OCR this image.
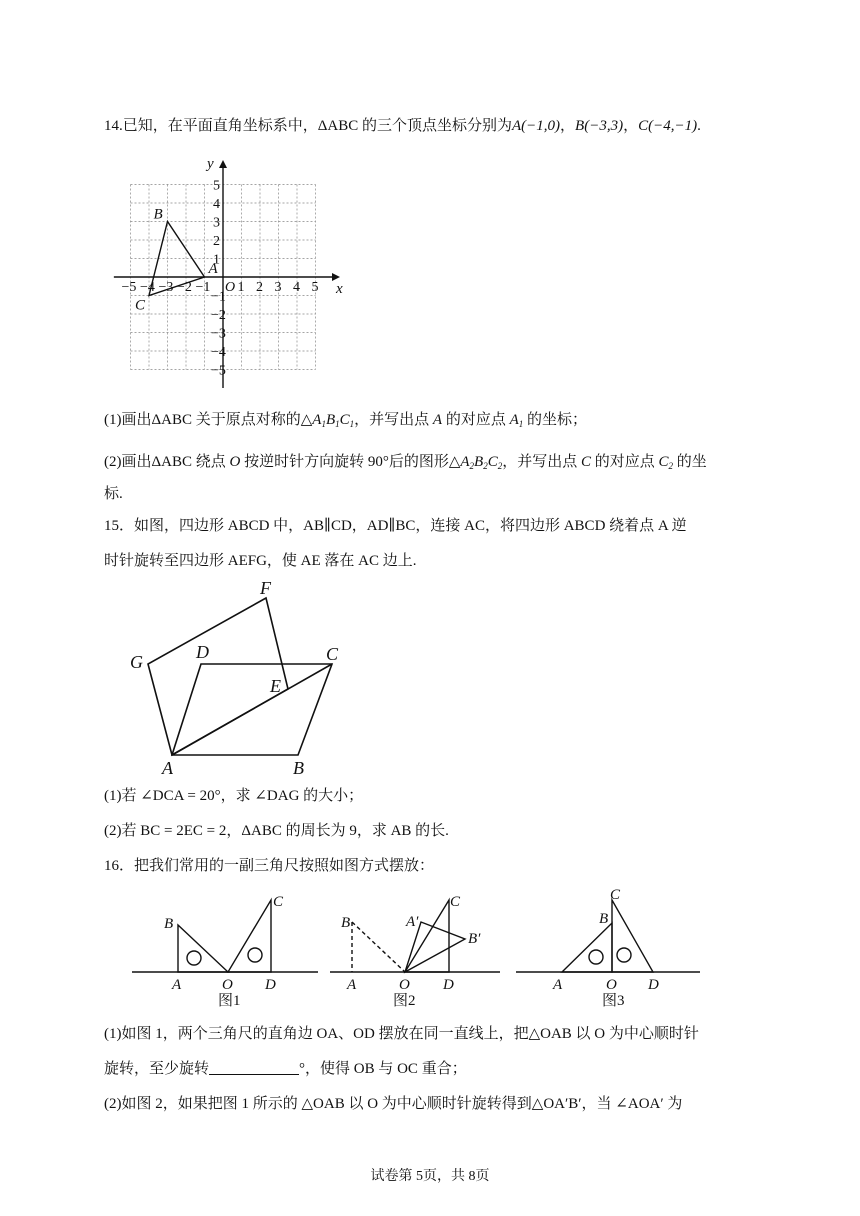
14.已知，在平面直角坐标系中，ΔABC 的三个顶点坐标分别为A(−1,0)，B(−3,3)，C(−4,−1).
−5 −4 −3 −2 −1 1 2 3 4 5
5
4
3
2
1
−1
−2
−3
−4
−5
x
y
O
A
B
C
(1)画出ΔABC 关于原点对称的$\triangle A_1B_1C_1$，并写出点 A 的对应点 $A_1$ 的坐标；
(2)画出ΔABC 绕点 O 按逆时针方向旋转 90°后的图形$\triangle A_2B_2C_2$，并写出点 C 的对应点 $C_2$ 的坐
标.
15．如图，四边形 ABCD 中，AB∥CD，AD∥BC，连接 AC，将四边形 ABCD 绕着点 A 逆
时针旋转至四边形 AEFG，使 AE 落在 AC 边上.
F
G	D	C
E
A	B
(1)若 ∠DCA = 20°，求 ∠DAG 的大小；
(2)若 BC = 2EC = 2，ΔABC 的周长为 9，求 AB 的长.
16．把我们常用的一副三角尺按照如图方式摆放：
B
C
A	O D
B
C
A′
B′
A	O D
C
B
A	O D
图1	图2	图3
(1)如图 1，两个三角尺的直角边 OA、OD 摆放在同一直线上，把△OAB 以 O 为中心顺时针
旋转，至少旋转	°，使得 OB 与 OC 重合；
(2)如图 2，如果把图 1 所示的 △OAB 以 O 为中心顺时针旋转得到△OA′B′，当 ∠AOA′ 为
试卷第 5页，共 8页
